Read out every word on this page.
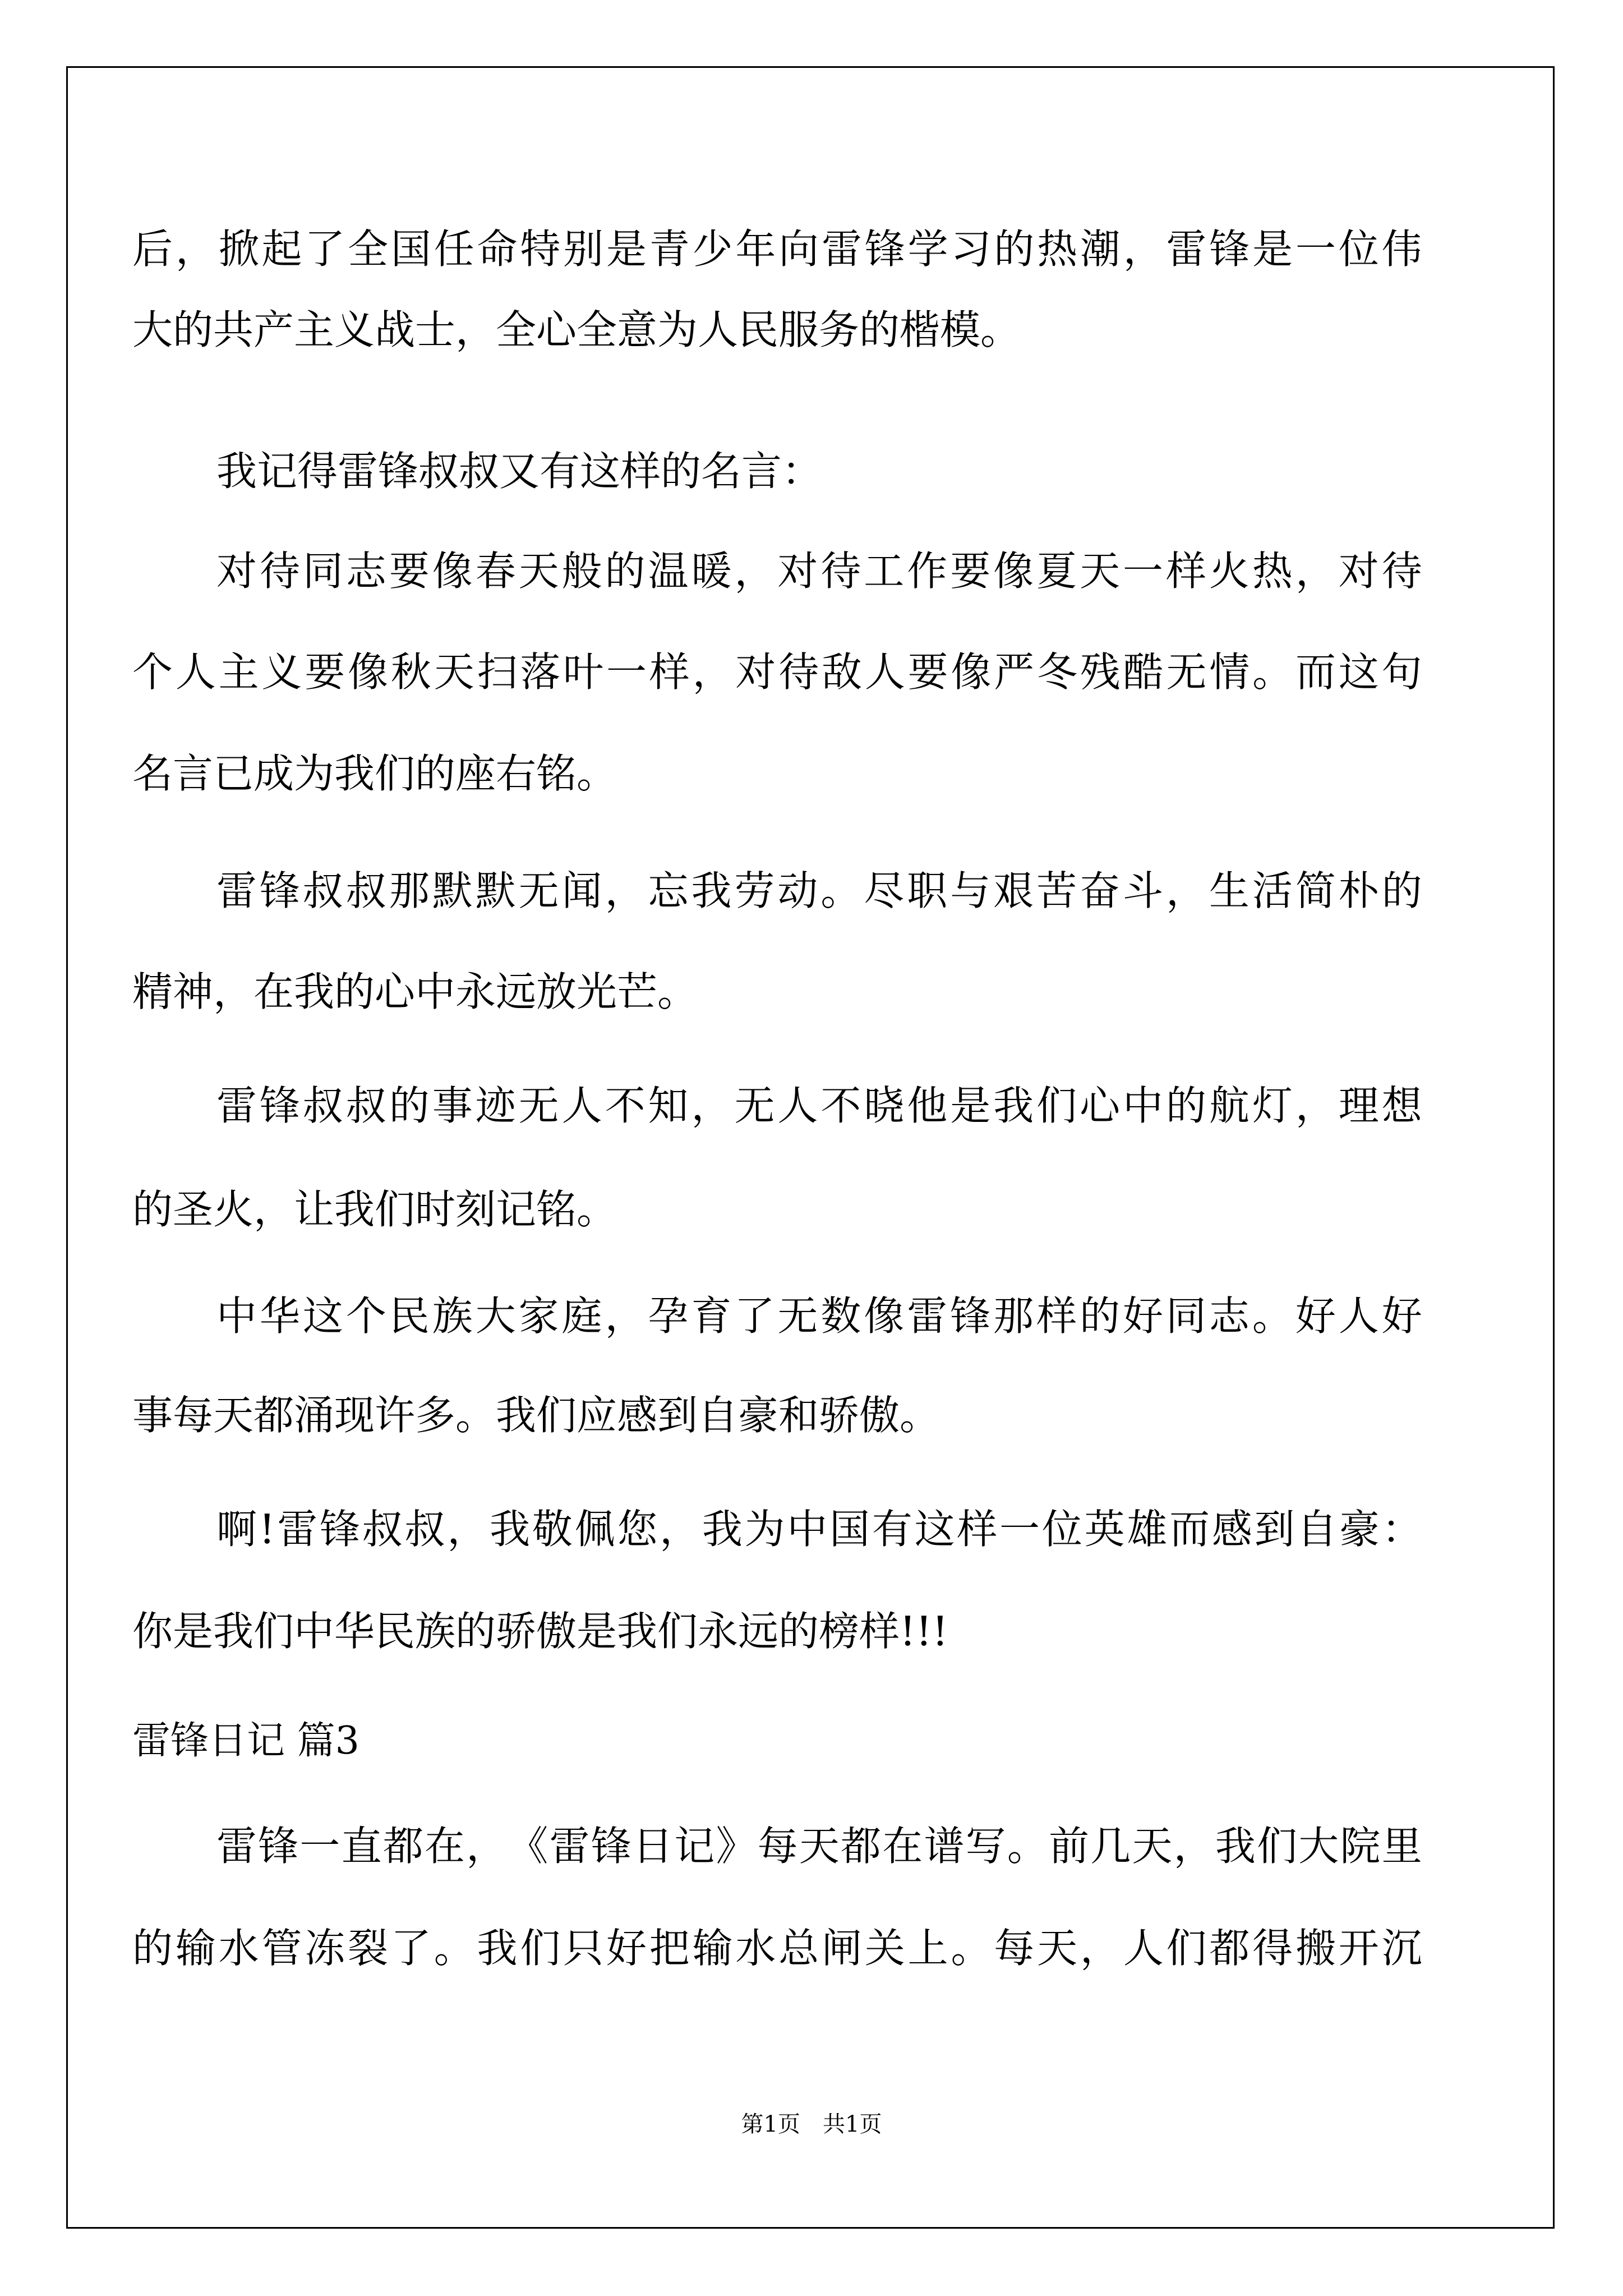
后 ， 掀 起 了 全 国 任 命 特 别 是 青 少 年 向 雷 锋 学 习 的 热 潮 ， 雷 锋 是 一 位 伟
大的共产主义战士，全心全意为人民服务的楷模。
我记得雷锋叔叔又有这样的名言：
对 待 同 志 要 像 春 天 般 的 温 暖 ， 对 待 工 作 要 像 夏 天 一 样 火 热 ， 对 待
个 人 主 义 要 像 秋 天 扫 落 叶 一 样 ， 对 待 敌 人 要 像 严 冬 残 酷 无 情 。 而 这 句
名言已成为我们的座右铭。
雷 锋 叔 叔 那 默 默 无 闻 ， 忘 我 劳 动 。 尽 职 与 艰 苦 奋 斗 ， 生 活 简 朴 的
精神，在我的心中永远放光芒。
雷 锋 叔 叔 的 事 迹 无 人 不 知 ， 无 人 不 晓 他 是 我 们 心 中 的 航 灯 ， 理 想
的圣火，让我们时刻记铭。
中 华 这 个 民 族 大 家 庭 ， 孕 育 了 无 数 像 雷 锋 那 样 的 好 同 志 。 好 人 好
事每天都涌现许多。我们应感到自豪和骄傲。
啊 ! 雷 锋 叔 叔 ， 我 敬 佩 您 ， 我 为 中 国 有 这 样 一 位 英 雄 而 感 到 自 豪 ：
你是我们中华民族的骄傲是我们永远的榜样!!!
雷锋日记 篇3
雷 锋 一 直 都 在 ， 《 雷 锋 日 记 》 每 天 都 在 谱 写 。 前 几 天 ， 我 们 大 院 里
的 输 水 管 冻 裂 了 。 我 们 只 好 把 输 水 总 闸 关 上 。 每 天 ， 人 们 都 得 搬 开 沉
第1页　共1页
